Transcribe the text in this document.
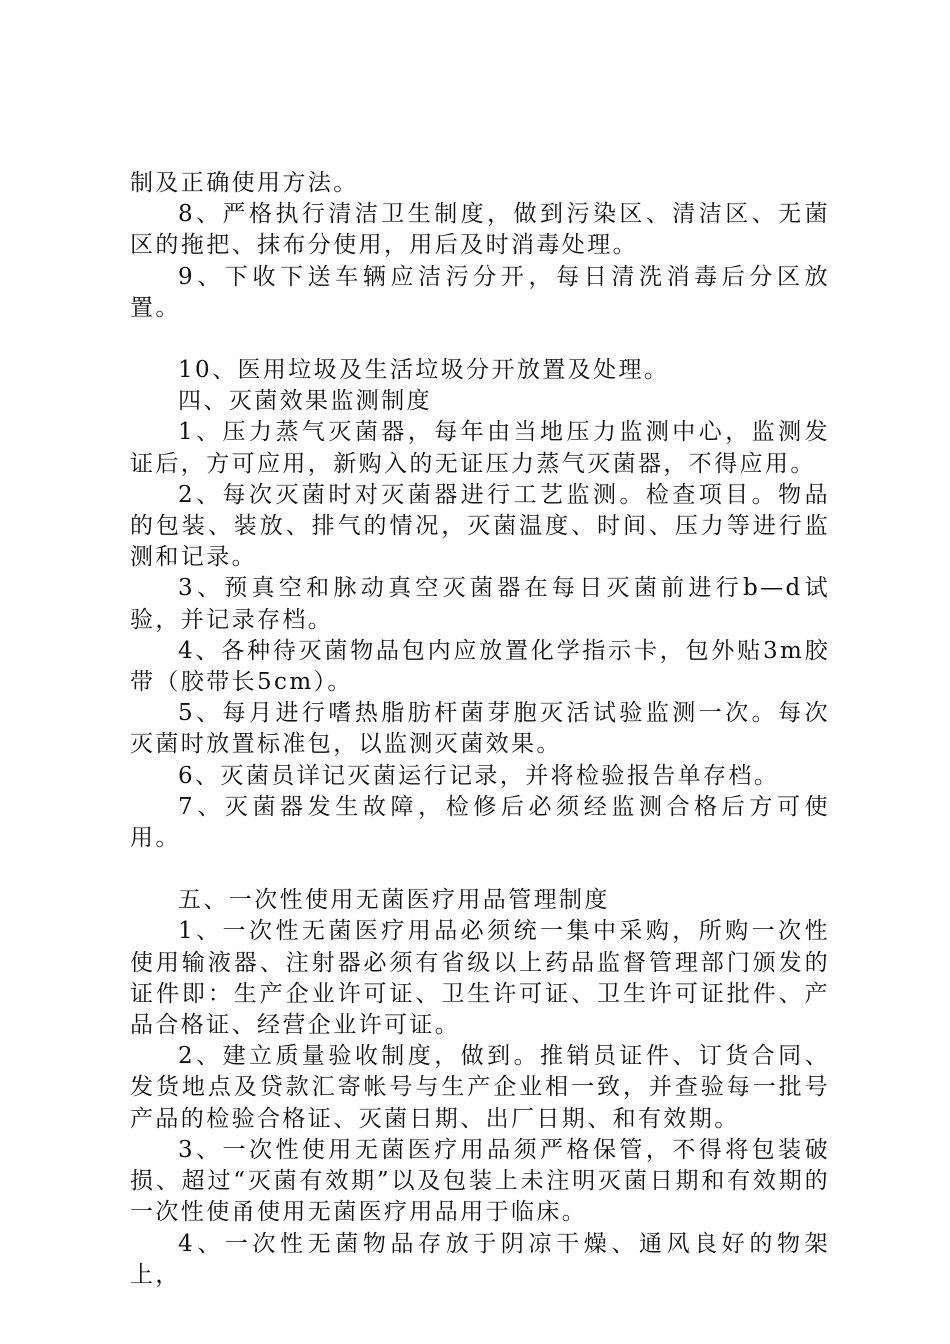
制及正确使用方法。

8、严格执行清洁卫生制度，做到污染区、清洁区、无菌区的拖把、抹布分使用，用后及时消毒处理。

9、下收下送车辆应洁污分开，每日清洗消毒后分区放置。

10、医用垃圾及生活垃圾分开放置及处理。

四、灭菌效果监测制度

1、压力蒸气灭菌器，每年由当地压力监测中心，监测发证后，方可应用，新购入的无证压力蒸气灭菌器，不得应用。

2、每次灭菌时对灭菌器进行工艺监测。检查项目。物品的包装、装放、排气的情况，灭菌温度、时间、压力等进行监测和记录。

3、预真空和脉动真空灭菌器在每日灭菌前进行b—d试验，并记录存档。

4、各种待灭菌物品包内应放置化学指示卡，包外贴3m胶带（胶带长5cm）。

5、每月进行嗜热脂肪杆菌芽胞灭活试验监测一次。每次灭菌时放置标准包，以监测灭菌效果。

6、灭菌员详记灭菌运行记录，并将检验报告单存档。

7、灭菌器发生故障，检修后必须经监测合格后方可使用。

五、一次性使用无菌医疗用品管理制度

1、一次性无菌医疗用品必须统一集中采购，所购一次性使用输液器、注射器必须有省级以上药品监督管理部门颁发的证件即：生产企业许可证、卫生许可证、卫生许可证批件、产品合格证、经营企业许可证。

2、建立质量验收制度，做到。推销员证件、订货合同、发货地点及贷款汇寄帐号与生产企业相一致，并查验每一批号产品的检验合格证、灭菌日期、出厂日期、和有效期。

3、一次性使用无菌医疗用品须严格保管，不得将包装破损、超过“灭菌有效期”以及包装上未注明灭菌日期和有效期的一次性使甬使用无菌医疗用品用于临床。

4、一次性无菌物品存放于阴凉干燥、通风良好的物架上，
